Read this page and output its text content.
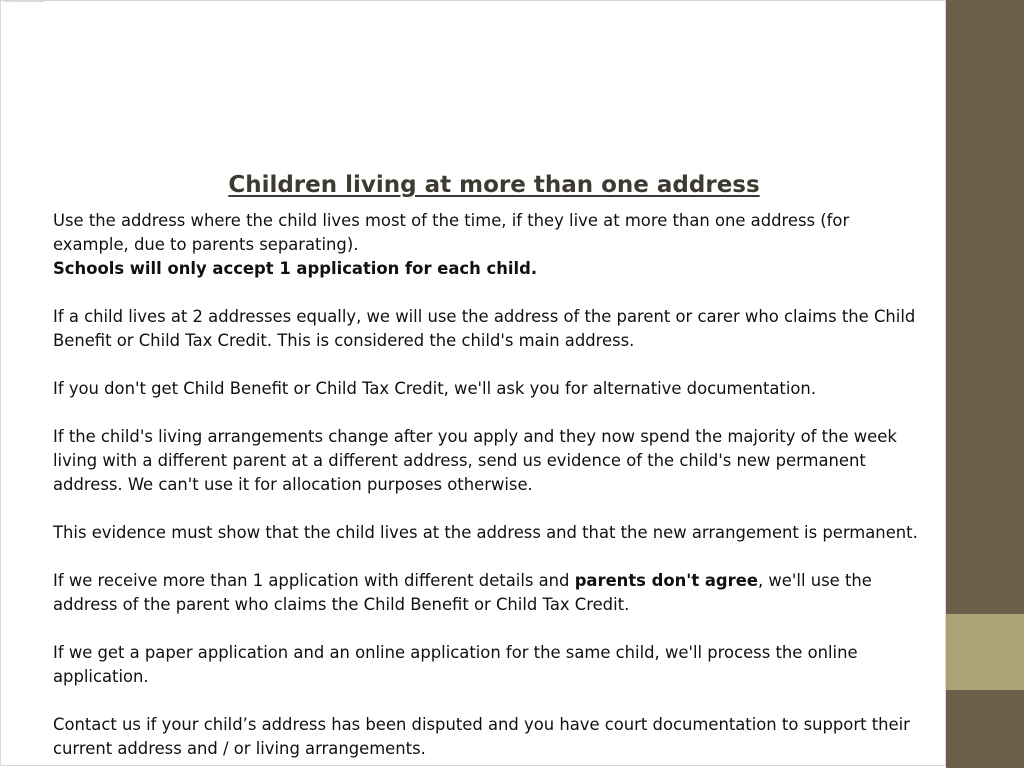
Children living at more than one address
Children living at more than one address

Use the address where the child lives most of the time, if they live at more than one address (for example, due to parents separating).

Schools will only accept 1 application for each child.

If a child lives at 2 addresses equally, we will use the address of the parent or carer who claims the Child Benefit or Child Tax Credit. This is considered the child's main address.

If you don't get Child Benefit or Child Tax Credit, we'll ask you for alternative documentation.

If the child's living arrangements change after you apply and they now spend the majority of the week living with a different parent at a different address, send us evidence of the child's new permanent address. We can't use it for allocation purposes otherwise.

This evidence must show that the child lives at the address and that the new arrangement is permanent.

If we receive more than 1 application with different details and parents don't agree, we'll use the address of the parent who claims the Child Benefit or Child Tax Credit.

If we get a paper application and an online application for the same child, we'll process the online application.

Contact us if your child’s address has been disputed and you have court documentation to support their current address and / or living arrangements.
